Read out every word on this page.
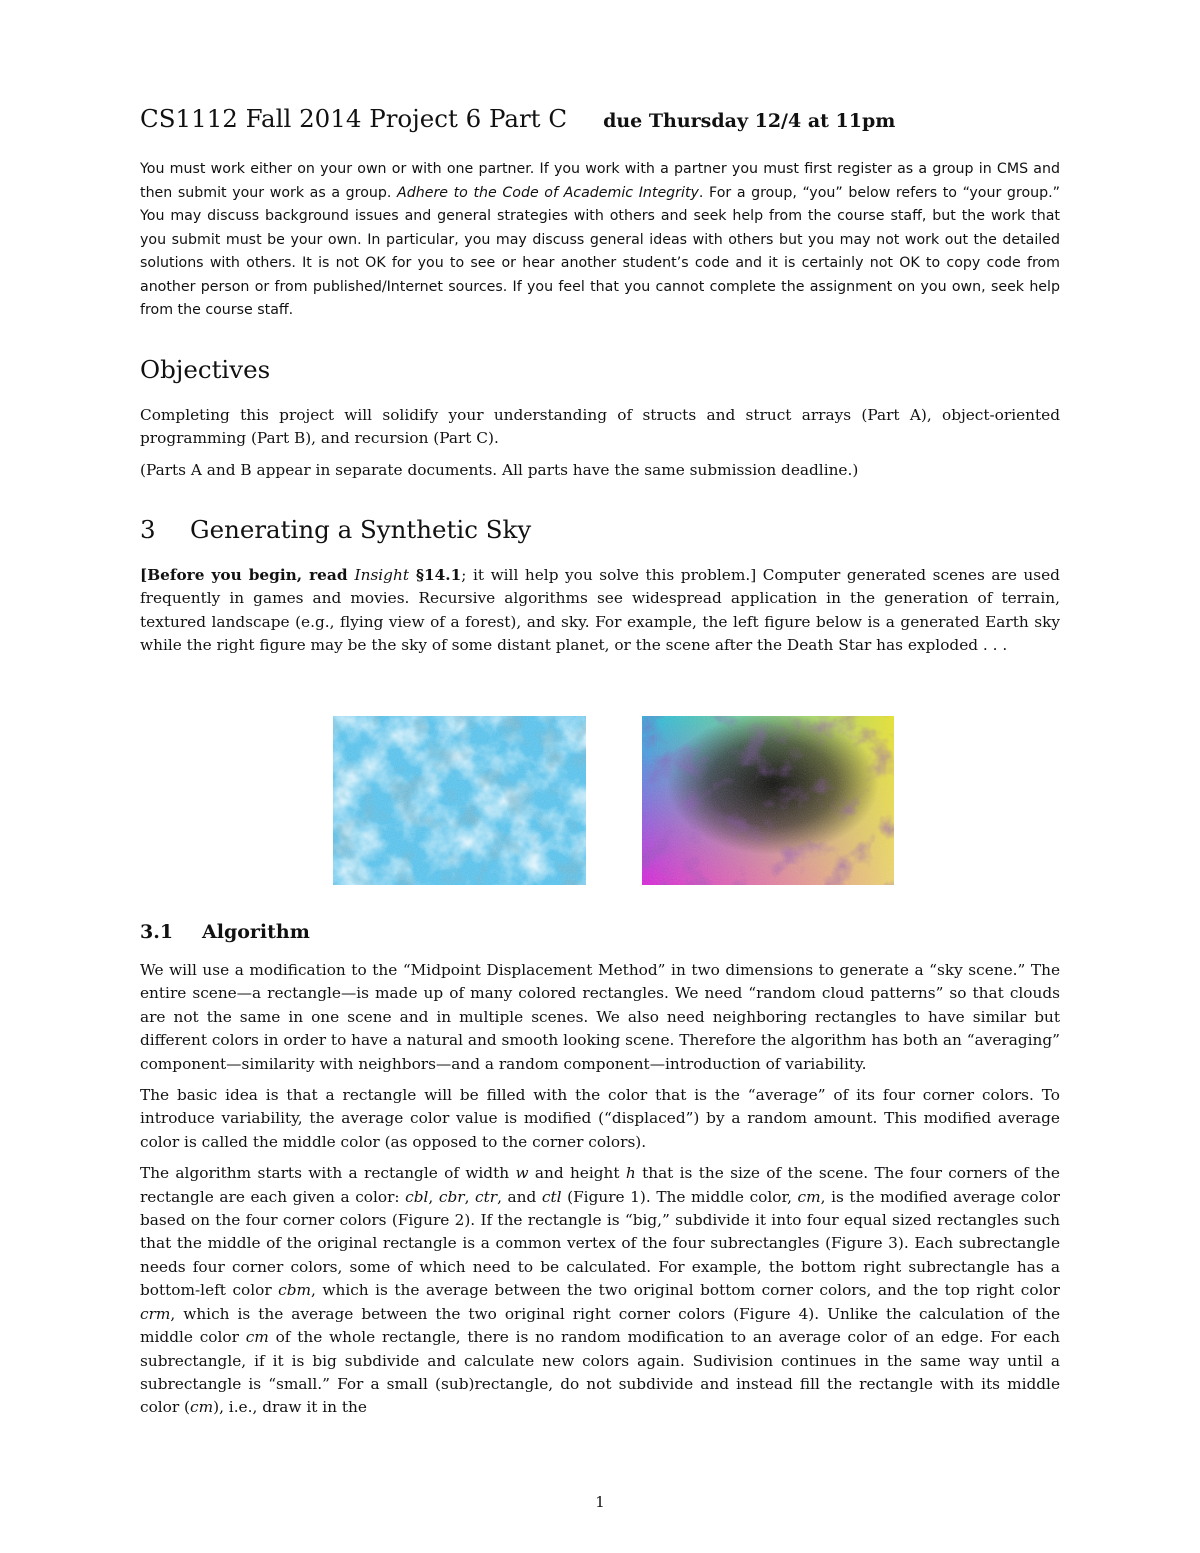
CS1112 Fall 2014 Project 6 Part C due Thursday 12/4 at 11pm
You must work either on your own or with one partner. If you work with a partner you must first register as a group in CMS and then submit your work as a group. Adhere to the Code of Academic Integrity. For a group, “you” below refers to “your group.” You may discuss background issues and general strategies with others and seek help from the course staff, but the work that you submit must be your own. In particular, you may discuss general ideas with others but you may not work out the detailed solutions with others. It is not OK for you to see or hear another student’s code and it is certainly not OK to copy code from another person or from published/Internet sources. If you feel that you cannot complete the assignment on you own, seek help from the course staff.
Objectives

Completing this project will solidify your understanding of structs and struct arrays (Part A), object-oriented programming (Part B), and recursion (Part C).

(Parts A and B appear in separate documents. All parts have the same submission deadline.)

3 Generating a Synthetic Sky

[Before you begin, read Insight §14.1; it will help you solve this problem.] Computer generated scenes are used frequently in games and movies. Recursive algorithms see widespread application in the generation of terrain, textured landscape (e.g., flying view of a forest), and sky. For example, the left figure below is a generated Earth sky while the right figure may be the sky of some distant planet, or the scene after the Death Star has exploded . . .

3.1 Algorithm

We will use a modification to the “Midpoint Displacement Method” in two dimensions to generate a “sky scene.” The entire scene—a rectangle—is made up of many colored rectangles. We need “random cloud patterns” so that clouds are not the same in one scene and in multiple scenes. We also need neighboring rectangles to have similar but different colors in order to have a natural and smooth looking scene. Therefore the algorithm has both an “averaging” component—similarity with neighbors—and a random component—introduction of variability.

The basic idea is that a rectangle will be filled with the color that is the “average” of its four corner colors. To introduce variability, the average color value is modified (“displaced”) by a random amount. This modified average color is called the middle color (as opposed to the corner colors).

The algorithm starts with a rectangle of width w and height h that is the size of the scene. The four corners of the rectangle are each given a color: cbl, cbr, ctr, and ctl (Figure 1). The middle color, cm, is the modified average color based on the four corner colors (Figure 2). If the rectangle is “big,” subdivide it into four equal sized rectangles such that the middle of the original rectangle is a common vertex of the four subrectangles (Figure 3). Each subrectangle needs four corner colors, some of which need to be calculated. For example, the bottom right subrectangle has a bottom-left color cbm, which is the average between the two original bottom corner colors, and the top right color crm, which is the average between the two original right corner colors (Figure 4). Unlike the calculation of the middle color cm of the whole rectangle, there is no random modification to an average color of an edge. For each subrectangle, if it is big subdivide and calculate new colors again. Sudivision continues in the same way until a subrectangle is “small.” For a small (sub)rectangle, do not subdivide and instead fill the rectangle with its middle color (cm), i.e., draw it in the

1
